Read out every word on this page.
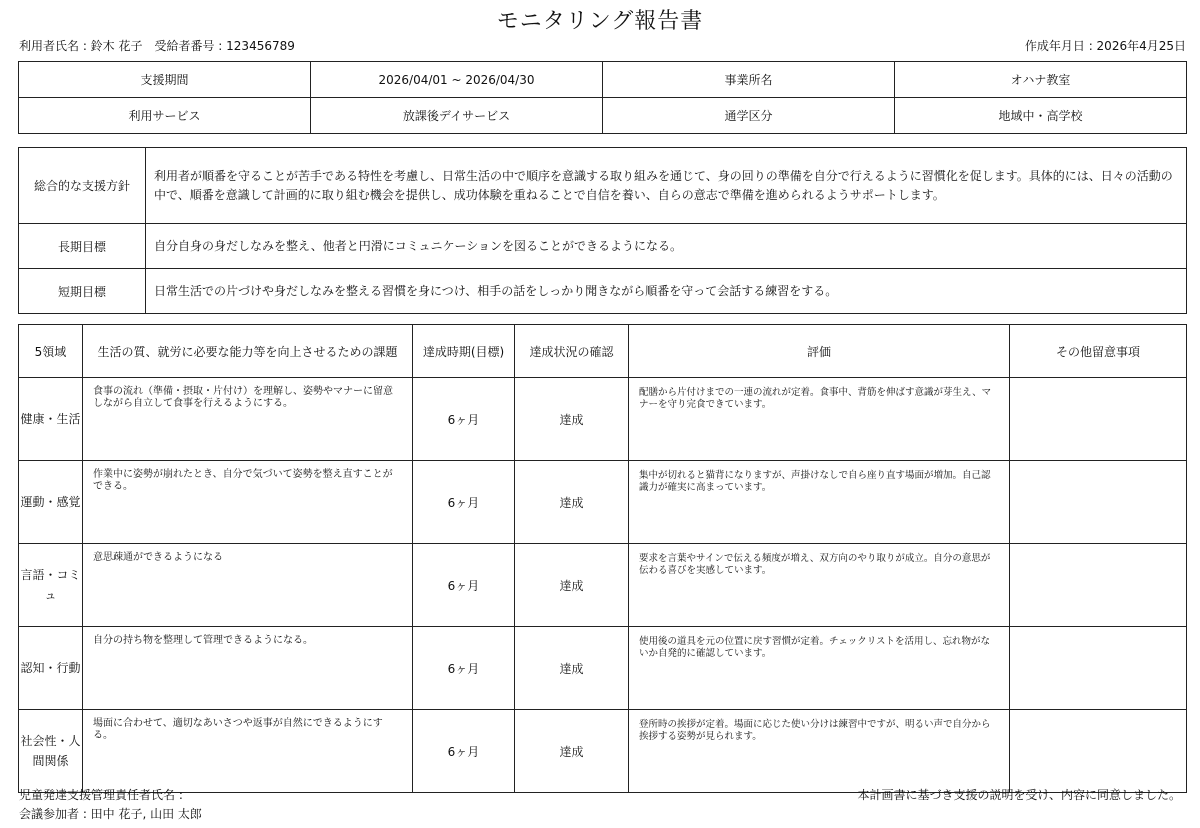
モニタリング報告書
利用者氏名 : 鈴木 花子　受給者番号 : 123456789	作成年月日 : 2026年4月25日
支援期間	2026/04/01 ~ 2026/04/30	事業所名	オハナ教室
利用サービス	放課後デイサービス	通学区分	地域中・高学校
総合的な支援方針	利用者が順番を守ることが苦手である特性を考慮し、日常生活の中で順序を意識する取り組みを通じて、身の回りの準備を自分で行えるように習慣化を促します。具体的には、日々の活動の中で、順番を意識して計画的に取り組む機会を提供し、成功体験を重ねることで自信を養い、自らの意志で準備を進められるようサポートします。
長期目標	自分自身の身だしなみを整え、他者と円滑にコミュニケーションを図ることができるようになる。
短期目標	日常生活での片づけや身だしなみを整える習慣を身につけ、相手の話をしっかり聞きながら順番を守って会話する練習をする。
5領域	生活の質、就労に必要な能力等を向上させるための課題	達成時期(目標)	達成状況の確認	評価	その他留意事項
健康・生活	食事の流れ（準備・摂取・片付け）を理解し、姿勢やマナーに留意しながら自立して食事を行えるようにする。	6ヶ月	達成	配膳から片付けまでの一連の流れが定着。食事中、背筋を伸ばす意識が芽生え、マナーを守り完食できています。	
運動・感覚	作業中に姿勢が崩れたとき、自分で気づいて姿勢を整え直すことができる。	6ヶ月	達成	集中が切れると猫背になりますが、声掛けなしで自ら座り直す場面が増加。自己認識力が確実に高まっています。	
言語・コミュ	意思疎通ができるようになる	6ヶ月	達成	要求を言葉やサインで伝える頻度が増え、双方向のやり取りが成立。自分の意思が伝わる喜びを実感しています。	
認知・行動	自分の持ち物を整理して管理できるようになる。	6ヶ月	達成	使用後の道具を元の位置に戻す習慣が定着。チェックリストを活用し、忘れ物がないか自発的に確認しています。	
社会性・人間関係	場面に合わせて、適切なあいさつや返事が自然にできるようにする。	6ヶ月	達成	登所時の挨拶が定着。場面に応じた使い分けは練習中ですが、明るい声で自分から挨拶する姿勢が見られます。	
児童発達支援管理責任者氏名 :
会議参加者 : 田中 花子, 山田 太郎
本計画書に基づき支援の説明を受け、内容に同意しました。
